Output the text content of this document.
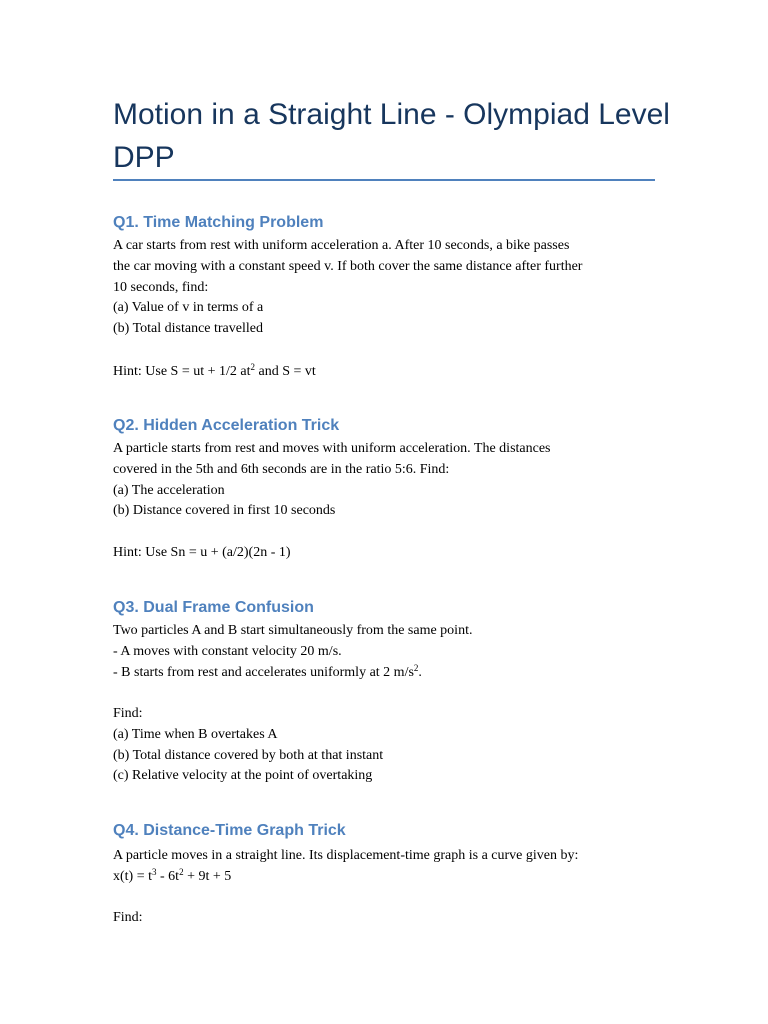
Motion in a Straight Line - Olympiad Level DPP
Q1. Time Matching Problem
A car starts from rest with uniform acceleration a. After 10 seconds, a bike passes
the car moving with a constant speed v. If both cover the same distance after further
10 seconds, find:
(a) Value of v in terms of a
(b) Total distance travelled
Hint: Use S = ut + 1/2 $at^2$ and S = vt
Q2. Hidden Acceleration Trick
A particle starts from rest and moves with uniform acceleration. The distances
covered in the 5th and 6th seconds are in the ratio 5:6. Find:
(a) The acceleration
(b) Distance covered in first 10 seconds
Hint: Use Sn = u + (a/2)(2n - 1)
Q3. Dual Frame Confusion
Two particles A and B start simultaneously from the same point.
- A moves with constant velocity 20 m/s.
- B starts from rest and accelerates uniformly at 2 $m/s^2$.
Find:
(a) Time when B overtakes A
(b) Total distance covered by both at that instant
(c) Relative velocity at the point of overtaking
Q4. Distance-Time Graph Trick
A particle moves in a straight line. Its displacement-time graph is a curve given by:
$x(t) = t^3 - 6t^2 + 9t + 5$
Find:
